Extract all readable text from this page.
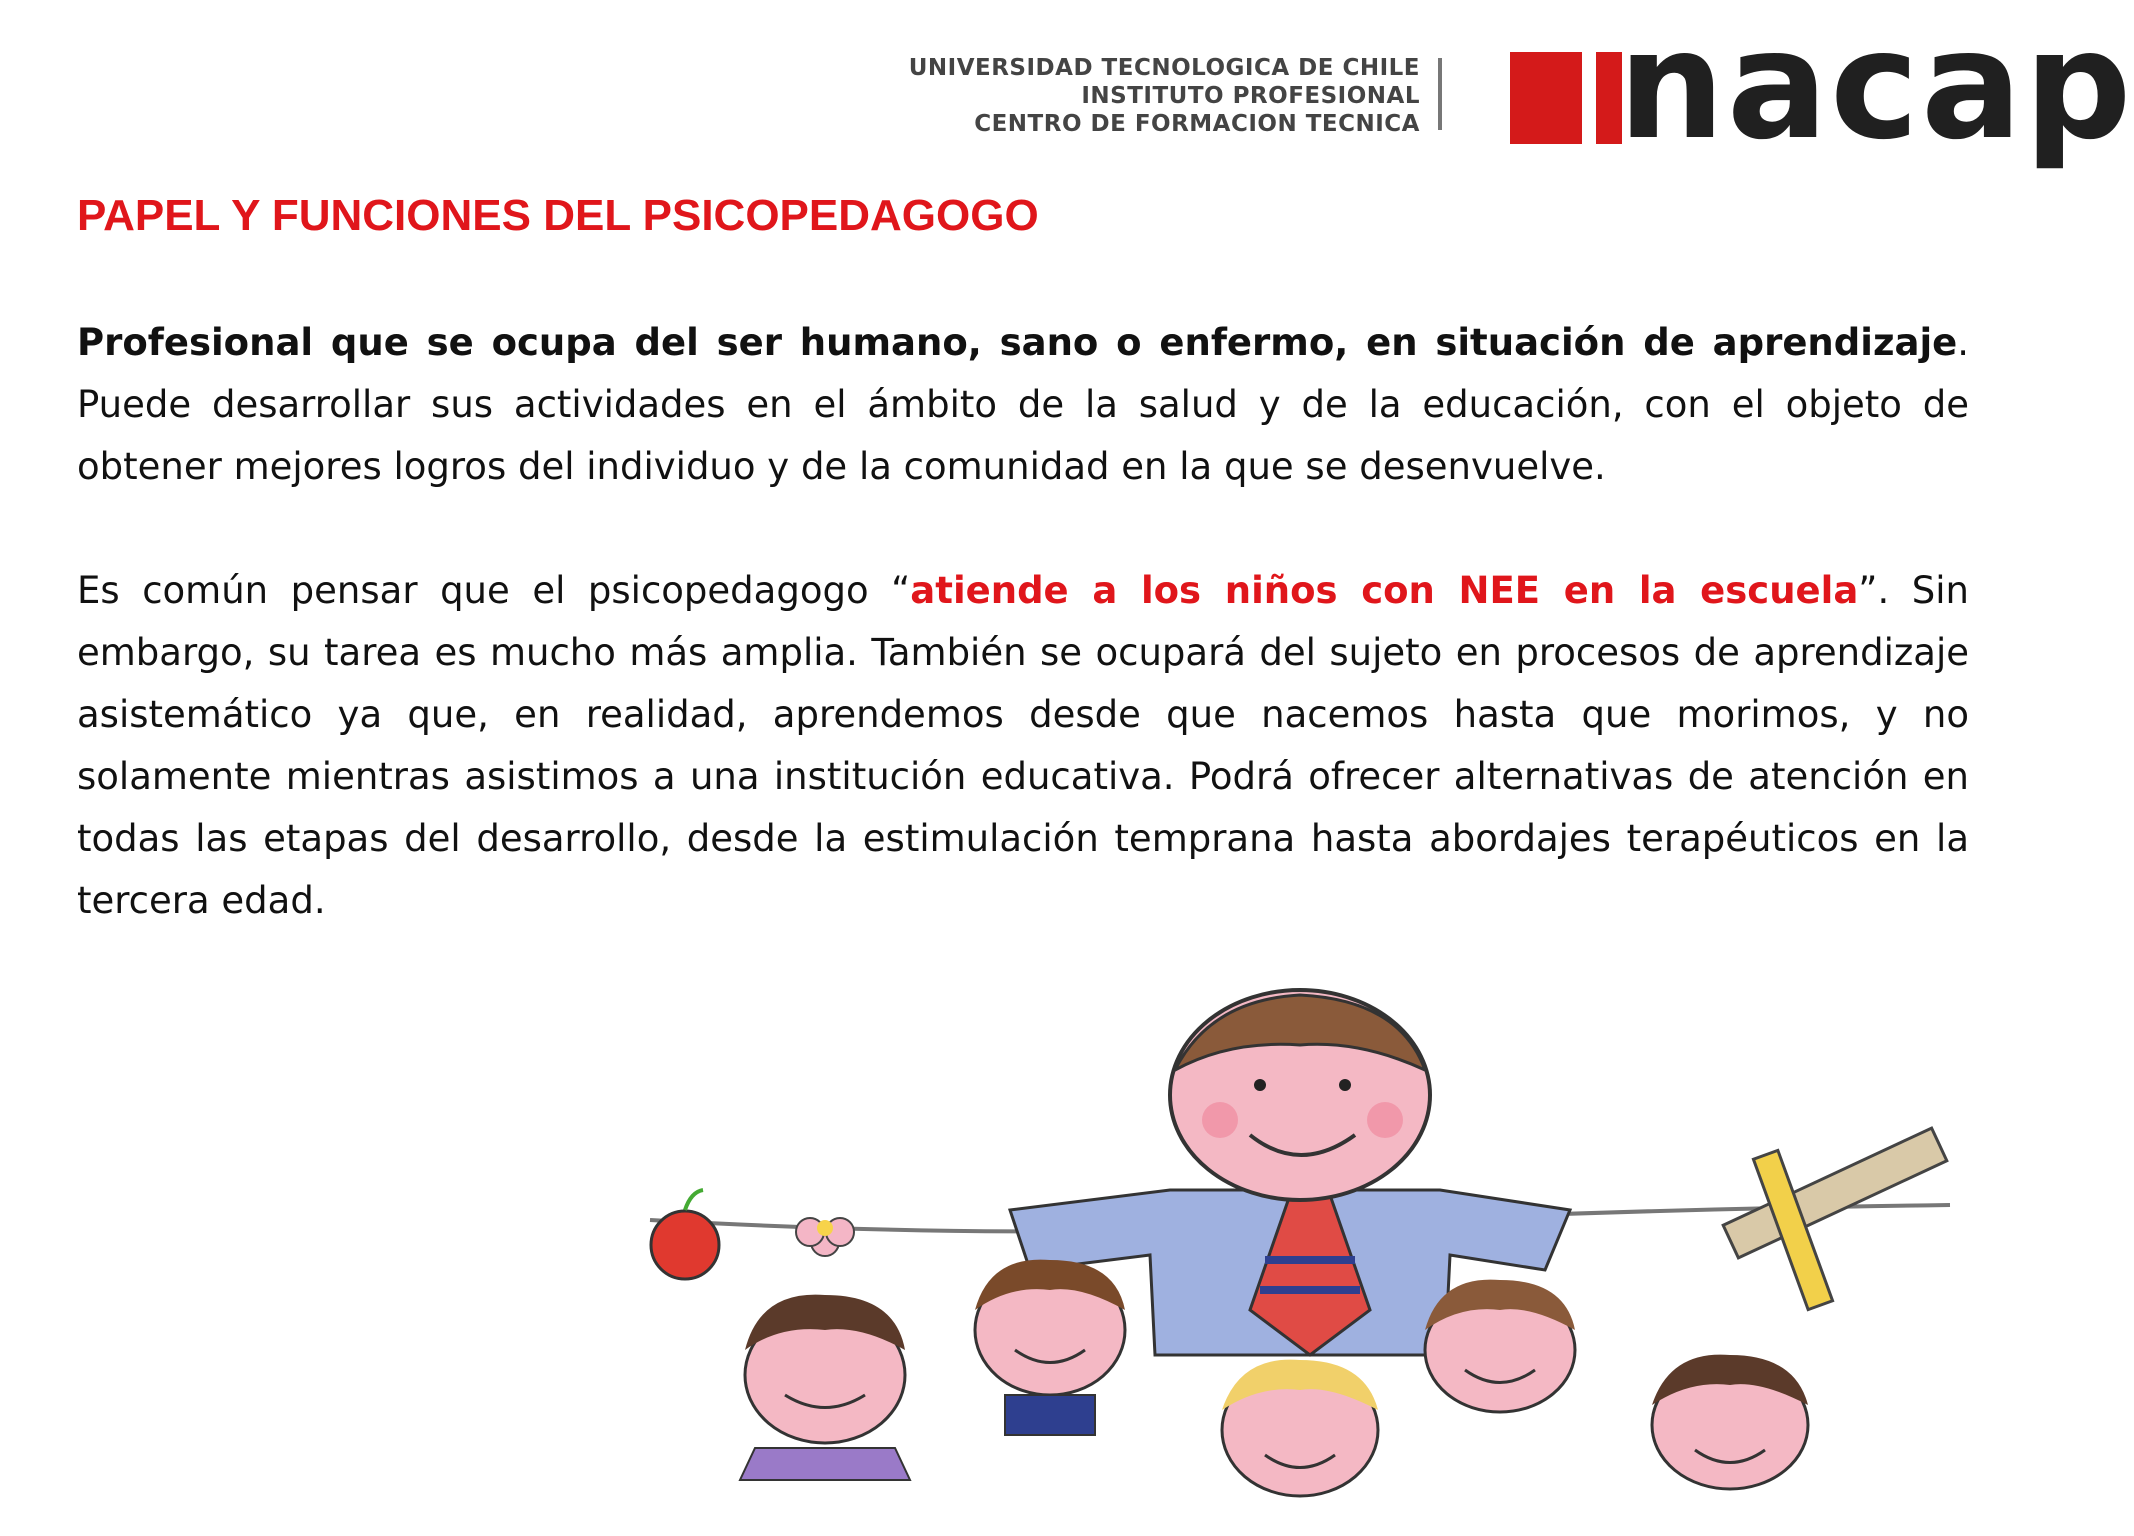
UNIVERSIDAD TECNOLOGICA DE CHILE
INSTITUTO PROFESIONAL
CENTRO DE FORMACION TECNICA nacap
PAPEL Y FUNCIONES DEL PSICOPEDAGOGO

Profesional que se ocupa del ser humano, sano o enfermo, en situación de aprendizaje. Puede desarrollar sus actividades en el ámbito de la salud y de la educación, con el objeto de obtener mejores logros del individuo y de la comunidad en la que se desenvuelve.

Es común pensar que el psicopedagogo “atiende a los niños con NEE en la escuela”. Sin embargo, su tarea es mucho más amplia. También se ocupará del sujeto en procesos de aprendizaje asistemático ya que, en realidad, aprendemos desde que nacemos hasta que morimos, y no solamente mientras asistimos a una institución educativa. Podrá ofrecer alternativas de atención en todas las etapas del desarrollo, desde la estimulación temprana hasta abordajes terapéuticos en la tercera edad.
